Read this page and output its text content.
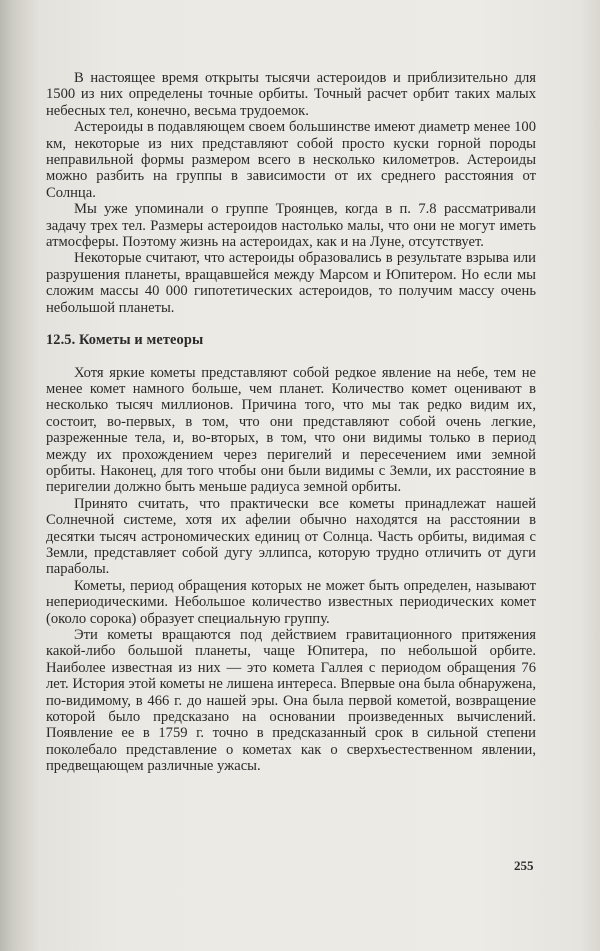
В настоящее время открыты тысячи астероидов и приблизительно для 1500 из них определены точные орбиты. Точный расчет орбит таких малых небесных тел, конечно, весьма трудоемок.

Астероиды в подавляющем своем большинстве имеют диаметр менее 100 км, некоторые из них представляют собой просто куски горной породы неправильной формы размером всего в несколько километров. Астероиды можно разбить на группы в зависимости от их среднего расстояния от Солнца.

Мы уже упоминали о группе Троянцев, когда в п. 7.8 рассматривали задачу трех тел. Размеры астероидов настолько малы, что они не могут иметь атмосферы. Поэтому жизнь на астероидах, как и на Луне, отсутствует.

Некоторые считают, что астероиды образовались в результате взрыва или разрушения планеты, вращавшейся между Марсом и Юпитером. Но если мы сложим массы 40 000 гипотетических астероидов, то получим массу очень небольшой планеты.

12.5. Кометы и метеоры

Хотя яркие кометы представляют собой редкое явление на небе, тем не менее комет намного больше, чем планет. Количество комет оценивают в несколько тысяч миллионов. Причина того, что мы так редко видим их, состоит, во-первых, в том, что они представляют собой очень легкие, разреженные тела, и, во-вторых, в том, что они видимы только в период между их прохождением через перигелий и пересечением ими земной орбиты. Наконец, для того чтобы они были видимы с Земли, их расстояние в перигелии должно быть меньше радиуса земной орбиты.

Принято считать, что практически все кометы принадлежат нашей Солнечной системе, хотя их афелии обычно находятся на расстоянии в десятки тысяч астрономических единиц от Солнца. Часть орбиты, видимая с Земли, представляет собой дугу эллипса, которую трудно отличить от дуги параболы.

Кометы, период обращения которых не может быть определен, называют непериодическими. Небольшое количество известных периодических комет (около сорока) образует специальную группу.

Эти кометы вращаются под действием гравитационного притяжения какой-либо большой планеты, чаще Юпитера, по небольшой орбите. Наиболее известная из них — это комета Галлея с периодом обращения 76 лет. История этой кометы не лишена интереса. Впервые она была обнаружена, по-видимому, в 466 г. до нашей эры. Она была первой кометой, возвращение которой было предсказано на основании произведенных вычислений. Появление ее в 1759 г. точно в предсказанный срок в сильной степени поколебало представление о кометах как о сверхъестественном явлении, предвещающем различные ужасы.

255
